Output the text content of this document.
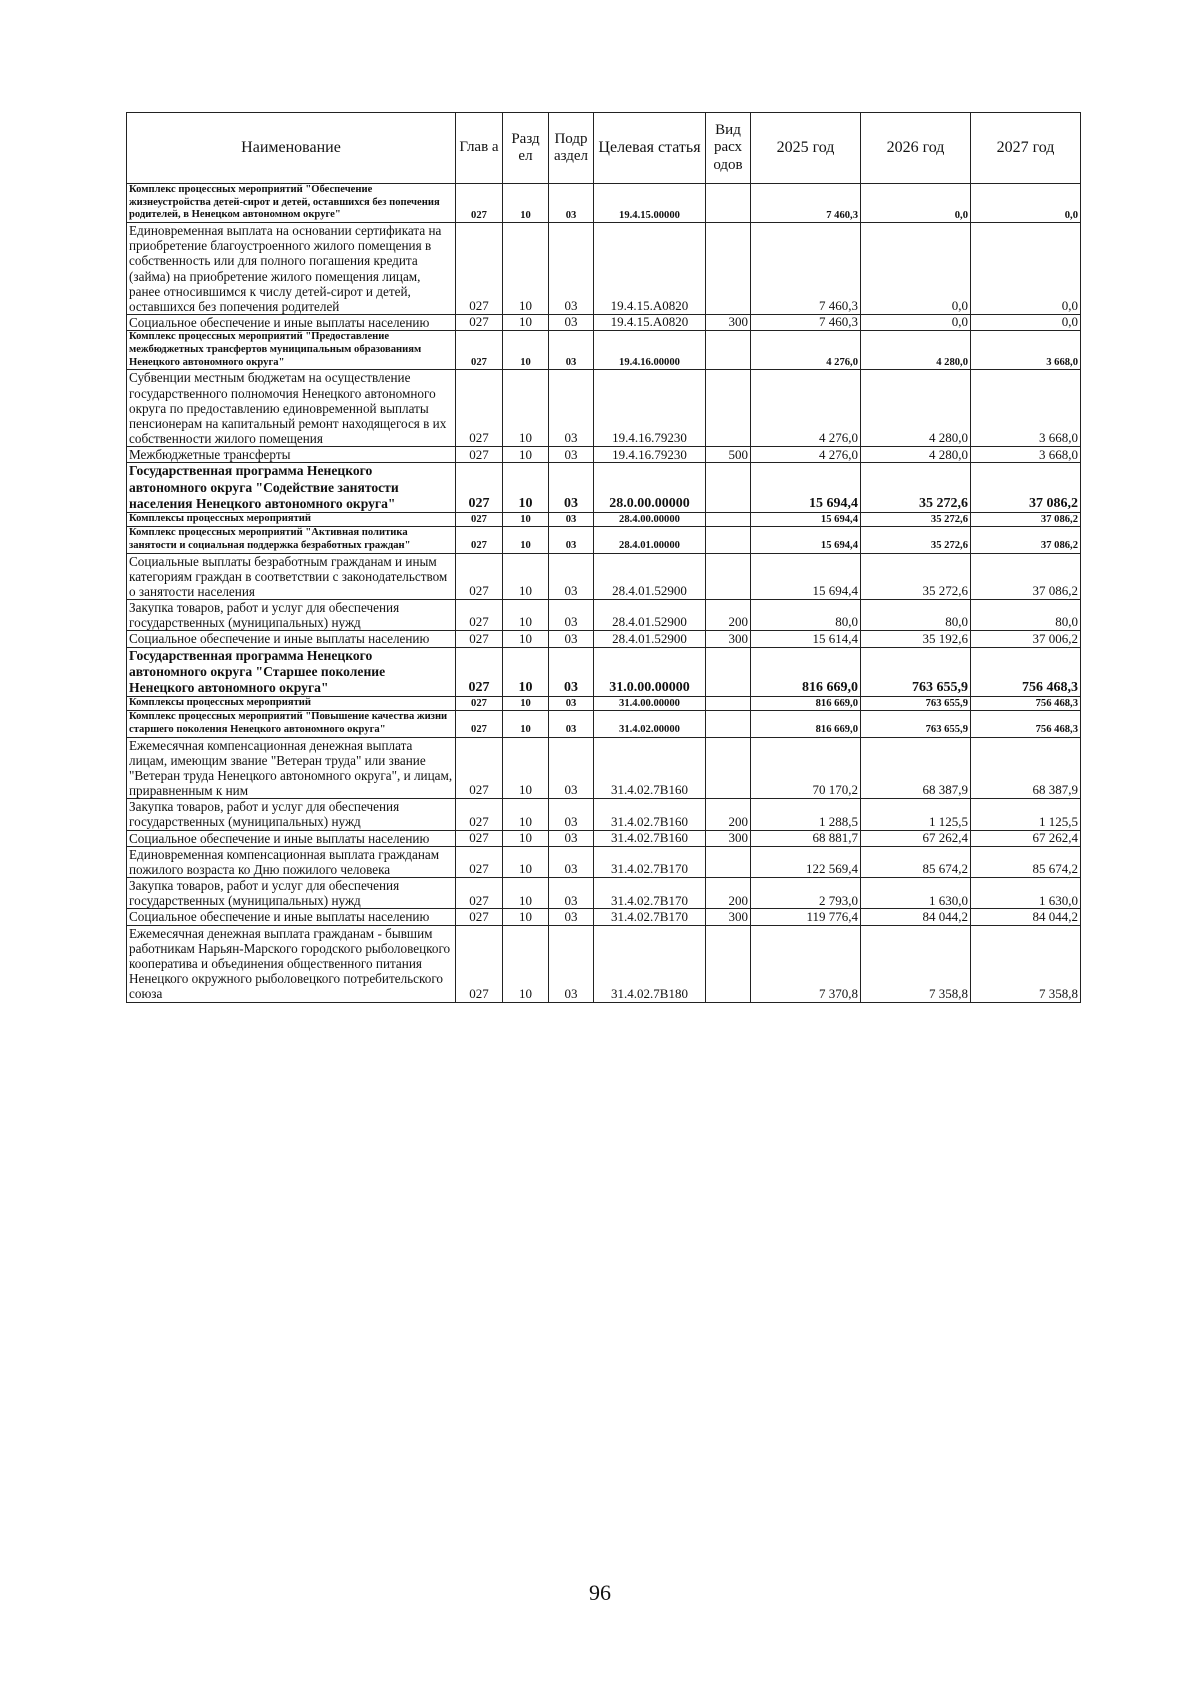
Наименование	Глав а	Разд ел	Подр аздел	Целевая статья	Вид расх одов	2025 год	2026 год	2027 год
Комплекс процессных мероприятий "Обеспечение жизнеустройства детей-сирот и детей, оставшихся без попечения родителей, в Ненецком автономном округе"	027	10	03	19.4.15.00000		7 460,3	0,0	0,0
Единовременная выплата на основании сертификата на приобретение благоустроенного жилого помещения в собственность или для полного погашения кредита (займа) на приобретение жилого помещения лицам, ранее относившимся к числу детей-сирот и детей, оставшихся без попечения родителей	027	10	03	19.4.15.А0820		7 460,3	0,0	0,0
Социальное обеспечение и иные выплаты населению	027	10	03	19.4.15.А0820	300	7 460,3	0,0	0,0
Комплекс процессных мероприятий "Предоставление межбюджетных трансфертов муниципальным образованиям Ненецкого автономного округа"	027	10	03	19.4.16.00000		4 276,0	4 280,0	3 668,0
Субвенции местным бюджетам на осуществление государственного полномочия Ненецкого автономного округа по предоставлению единовременной выплаты пенсионерам на капитальный ремонт находящегося в их собственности жилого помещения	027	10	03	19.4.16.79230		4 276,0	4 280,0	3 668,0
Межбюджетные трансферты	027	10	03	19.4.16.79230	500	4 276,0	4 280,0	3 668,0
Государственная программа Ненецкого автономного округа "Содействие занятости населения Ненецкого автономного округа"	027	10	03	28.0.00.00000		15 694,4	35 272,6	37 086,2
Комплексы процессных мероприятий	027	10	03	28.4.00.00000		15 694,4	35 272,6	37 086,2
Комплекс процессных мероприятий "Активная политика занятости и социальная поддержка безработных граждан"	027	10	03	28.4.01.00000		15 694,4	35 272,6	37 086,2
Социальные выплаты безработным гражданам и иным категориям граждан в соответствии с законодательством о занятости населения	027	10	03	28.4.01.52900		15 694,4	35 272,6	37 086,2
Закупка товаров, работ и услуг для обеспечения государственных (муниципальных) нужд	027	10	03	28.4.01.52900	200	80,0	80,0	80,0
Социальное обеспечение и иные выплаты населению	027	10	03	28.4.01.52900	300	15 614,4	35 192,6	37 006,2
Государственная программа Ненецкого автономного округа "Старшее поколение Ненецкого автономного округа"	027	10	03	31.0.00.00000		816 669,0	763 655,9	756 468,3
Комплексы процессных мероприятий	027	10	03	31.4.00.00000		816 669,0	763 655,9	756 468,3
Комплекс процессных мероприятий "Повышение качества жизни старшего поколения Ненецкого автономного округа"	027	10	03	31.4.02.00000		816 669,0	763 655,9	756 468,3
Ежемесячная компенсационная денежная выплата лицам, имеющим звание "Ветеран труда" или звание "Ветеран труда Ненецкого автономного округа", и лицам, приравненным к ним	027	10	03	31.4.02.7В160		70 170,2	68 387,9	68 387,9
Закупка товаров, работ и услуг для обеспечения государственных (муниципальных) нужд	027	10	03	31.4.02.7В160	200	1 288,5	1 125,5	1 125,5
Социальное обеспечение и иные выплаты населению	027	10	03	31.4.02.7В160	300	68 881,7	67 262,4	67 262,4
Единовременная компенсационная выплата гражданам пожилого возраста ко Дню пожилого человека	027	10	03	31.4.02.7В170		122 569,4	85 674,2	85 674,2
Закупка товаров, работ и услуг для обеспечения государственных (муниципальных) нужд	027	10	03	31.4.02.7В170	200	2 793,0	1 630,0	1 630,0
Социальное обеспечение и иные выплаты населению	027	10	03	31.4.02.7В170	300	119 776,4	84 044,2	84 044,2
Ежемесячная денежная выплата гражданам - бывшим работникам Нарьян-Марского городского рыболовецкого кооператива и объединения общественного питания Ненецкого окружного рыболовецкого потребительского союза	027	10	03	31.4.02.7В180		7 370,8	7 358,8	7 358,8
96
